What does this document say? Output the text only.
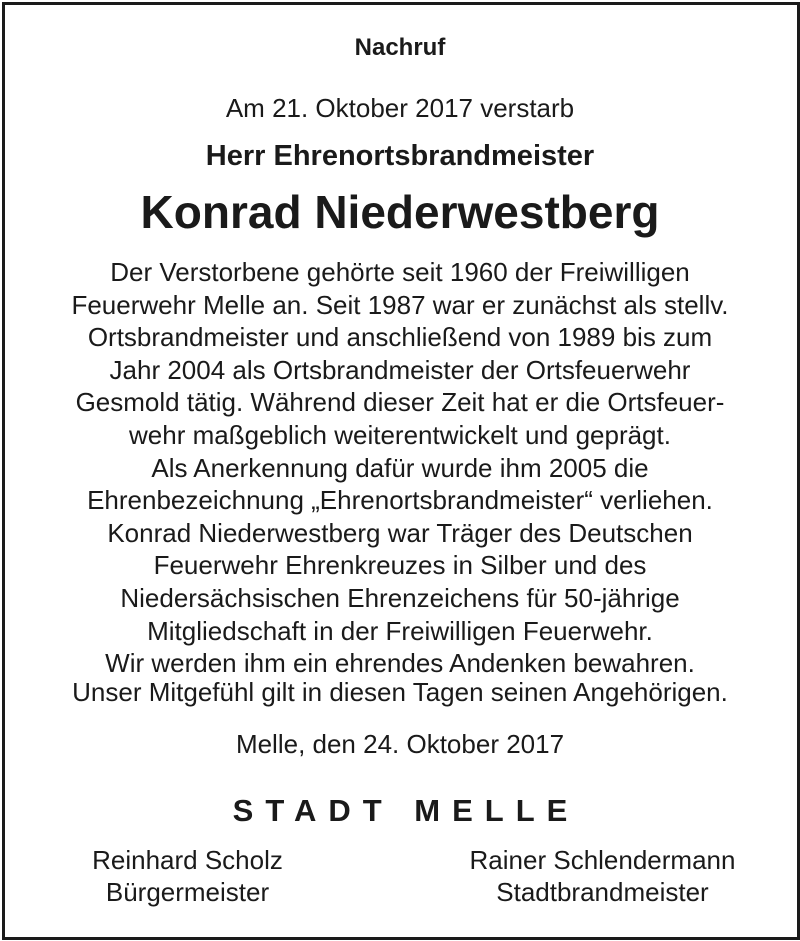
Nachruf
Am 21. Oktober 2017 verstarb
Herr Ehrenortsbrandmeister
Konrad Niederwestberg
Der Verstorbene gehörte seit 1960 der Freiwilligen
Feuerwehr Melle an. Seit 1987 war er zunächst als stellv.
Ortsbrandmeister und anschließend von 1989 bis zum
Jahr 2004 als Ortsbrandmeister der Ortsfeuerwehr
Gesmold tätig. Während dieser Zeit hat er die Ortsfeuer-
wehr maßgeblich weiterentwickelt und geprägt.
Als Anerkennung dafür wurde ihm 2005 die
Ehrenbezeichnung „Ehrenortsbrandmeister“ verliehen.
Konrad Niederwestberg war Träger des Deutschen
Feuerwehr Ehrenkreuzes in Silber und des
Niedersächsischen Ehrenzeichens für 50-jährige
Mitgliedschaft in der Freiwilligen Feuerwehr.
Wir werden ihm ein ehrendes Andenken bewahren.
Unser Mitgefühl gilt in diesen Tagen seinen Angehörigen.
Melle, den 24. Oktober 2017
STADT MELLE
Reinhard Scholz
Bürgermeister
Rainer Schlendermann
Stadtbrandmeister
